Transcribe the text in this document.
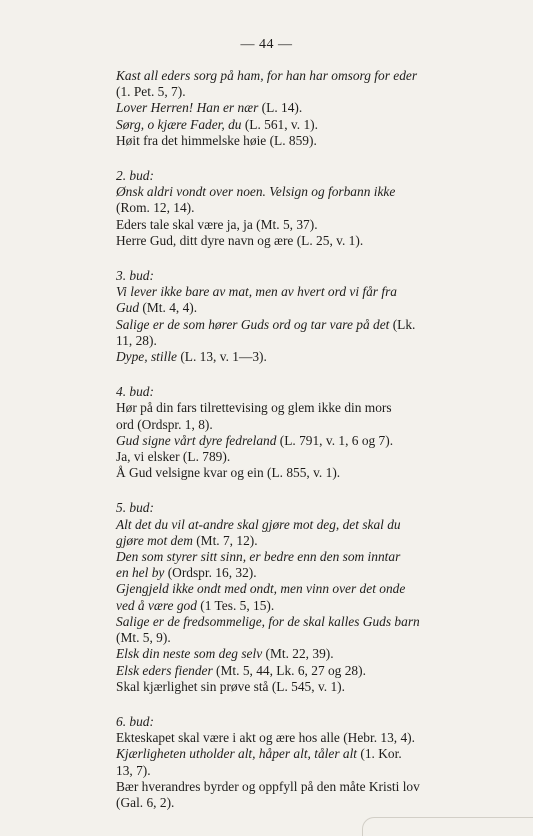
— 44 —

Kast all eders sorg på ham, for han har omsorg for eder

(1. Pet. 5, 7).

Lover Herren! Han er nær (L. 14).

Sørg, o kjære Fader, du (L. 561, v. 1).

Høit fra det himmelske høie (L. 859).

2. bud:

Ønsk aldri vondt over noen. Velsign og forbann ikke

(Rom. 12, 14).

Eders tale skal være ja, ja (Mt. 5, 37).

Herre Gud, ditt dyre navn og ære (L. 25, v. 1).

3. bud:

Vi lever ikke bare av mat, men av hvert ord vi får fra

Gud (Mt. 4, 4).

Salige er de som hører Guds ord og tar vare på det (Lk.

11, 28).

Dype, stille (L. 13, v. 1—3).

4. bud:

Hør på din fars tilrettevising og glem ikke din mors

ord (Ordspr. 1, 8).

Gud signe vårt dyre fedreland (L. 791, v. 1, 6 og 7).

Ja, vi elsker (L. 789).

Å Gud velsigne kvar og ein (L. 855, v. 1).

5. bud:

Alt det du vil at-andre skal gjøre mot deg, det skal du

gjøre mot dem (Mt. 7, 12).

Den som styrer sitt sinn, er bedre enn den som inntar

en hel by (Ordspr. 16, 32).

Gjengjeld ikke ondt med ondt, men vinn over det onde

ved å være god (1 Tes. 5, 15).

Salige er de fredsommelige, for de skal kalles Guds barn

(Mt. 5, 9).

Elsk din neste som deg selv (Mt. 22, 39).

Elsk eders fiender (Mt. 5, 44, Lk. 6, 27 og 28).

Skal kjærlighet sin prøve stå (L. 545, v. 1).

6. bud:

Ekteskapet skal være i akt og ære hos alle (Hebr. 13, 4).

Kjærligheten utholder alt, håper alt, tåler alt (1. Kor.

13, 7).

Bær hverandres byrder og oppfyll på den måte Kristi lov

(Gal. 6, 2).
